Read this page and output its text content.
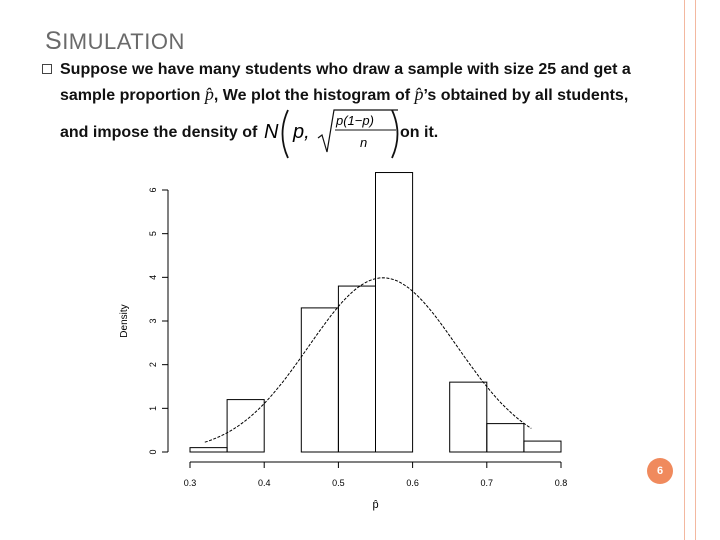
SIMULATION
Suppose we have many students who draw a sample with size 25 and get a
sample proportion p̂, We plot the histogram of p̂’s obtained by all students,
and impose the density of N p,
p(1−p)
n
on it.
0
1
2
3
4
5
6
0.3	0.4	0.5	0.6	0.7	0.8
p̂
Density
6
